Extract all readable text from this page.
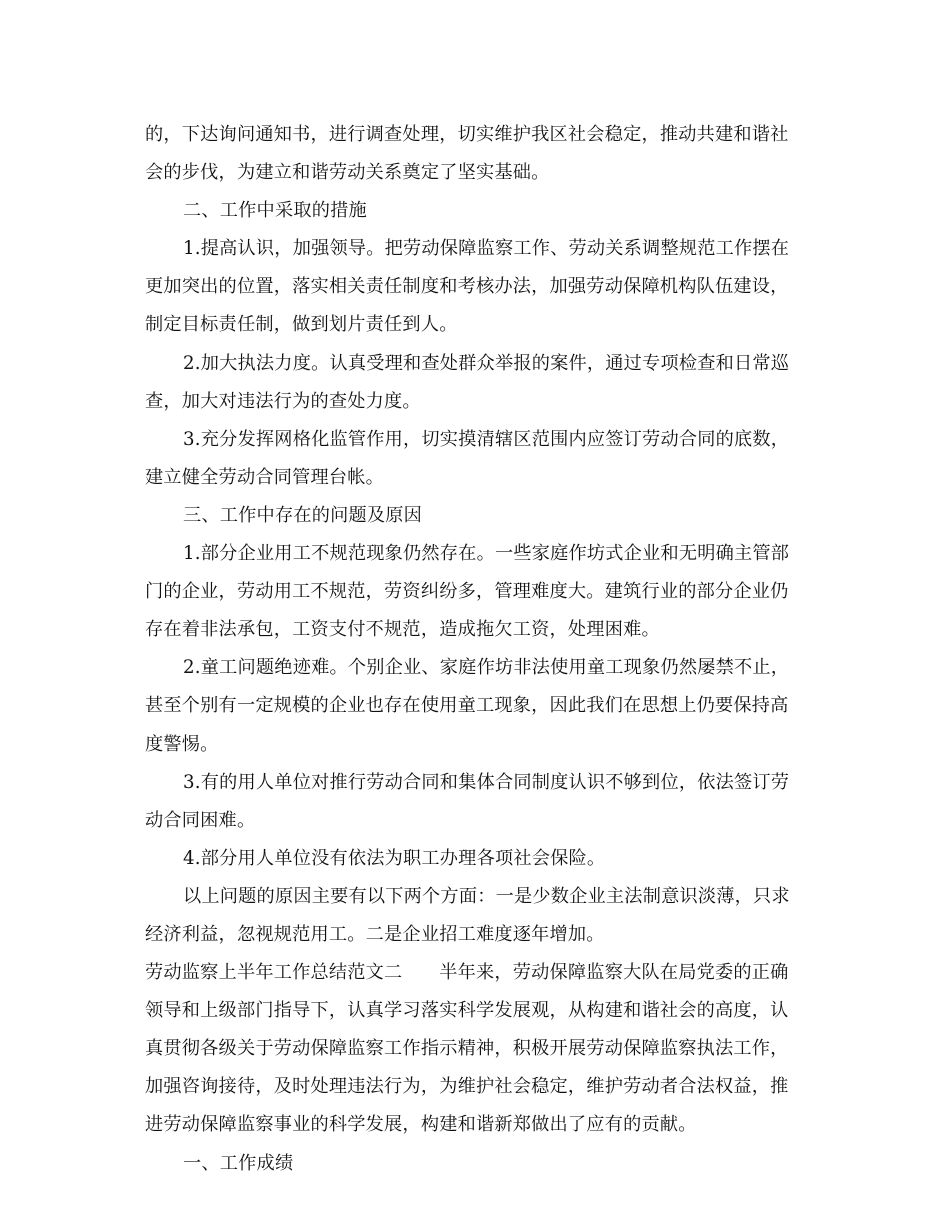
的，下达询问通知书，进行调查处理，切实维护我区社会稳定，推动共建和谐社
会的步伐，为建立和谐劳动关系奠定了坚实基础。
二、工作中采取的措施
1.提高认识，加强领导。把劳动保障监察工作、劳动关系调整规范工作摆在
更加突出的位置，落实相关责任制度和考核办法，加强劳动保障机构队伍建设，
制定目标责任制，做到划片责任到人。
2.加大执法力度。认真受理和查处群众举报的案件，通过专项检查和日常巡
查，加大对违法行为的查处力度。
3.充分发挥网格化监管作用，切实摸清辖区范围内应签订劳动合同的底数，
建立健全劳动合同管理台帐。
三、工作中存在的问题及原因
1.部分企业用工不规范现象仍然存在。一些家庭作坊式企业和无明确主管部
门的企业，劳动用工不规范，劳资纠纷多，管理难度大。建筑行业的部分企业仍
存在着非法承包，工资支付不规范，造成拖欠工资，处理困难。
2.童工问题绝迹难。个别企业、家庭作坊非法使用童工现象仍然屡禁不止，
甚至个别有一定规模的企业也存在使用童工现象，因此我们在思想上仍要保持高
度警惕。
3.有的用人单位对推行劳动合同和集体合同制度认识不够到位，依法签订劳
动合同困难。
4.部分用人单位没有依法为职工办理各项社会保险。
以上问题的原因主要有以下两个方面：一是少数企业主法制意识淡薄，只求
经济利益，忽视规范用工。二是企业招工难度逐年增加。
劳动监察上半年工作总结范文二　　半年来，劳动保障监察大队在局党委的正确
领导和上级部门指导下，认真学习落实科学发展观，从构建和谐社会的高度，认
真贯彻各级关于劳动保障监察工作指示精神，积极开展劳动保障监察执法工作，
加强咨询接待，及时处理违法行为，为维护社会稳定，维护劳动者合法权益，推
进劳动保障监察事业的科学发展，构建和谐新郑做出了应有的贡献。
一、工作成绩
